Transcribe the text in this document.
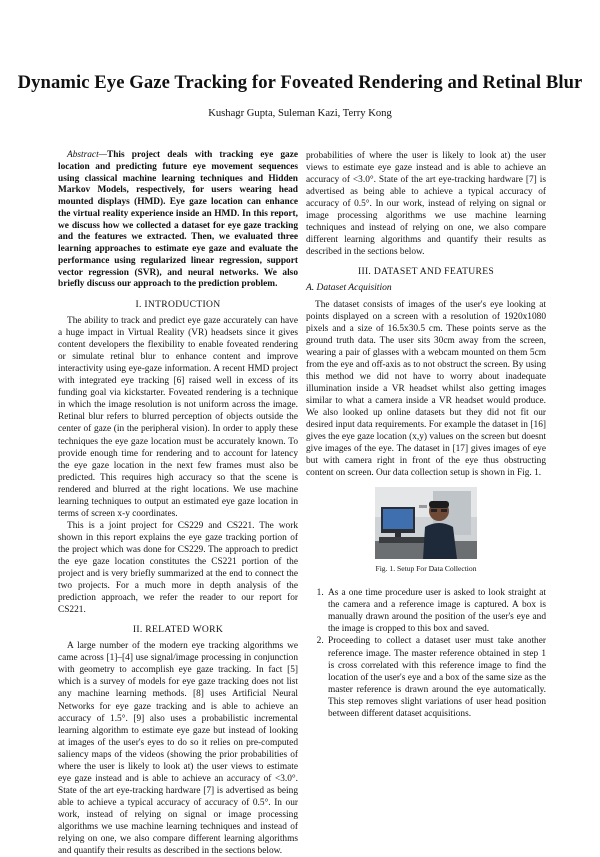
Dynamic Eye Gaze Tracking for Foveated Rendering and Retinal Blur
Kushagr Gupta, Suleman Kazi, Terry Kong

Abstract—This project deals with tracking eye gaze location and predicting future eye movement sequences using classical machine learning techniques and Hidden Markov Models, respectively, for users wearing head mounted displays (HMD). Eye gaze location can enhance the virtual reality experience inside an HMD. In this report, we discuss how we collected a dataset for eye gaze tracking and the features we extracted. Then, we evaluated three learning approaches to estimate eye gaze and evaluate the performance using regularized linear regression, support vector regression (SVR), and neural networks. We also briefly discuss our approach to the prediction problem.

I. INTRODUCTION

The ability to track and predict eye gaze accurately can have a huge impact in Virtual Reality (VR) headsets since it gives content developers the flexibility to enable foveated rendering or simulate retinal blur to enhance content and improve interactivity using eye-gaze information. A recent HMD project with integrated eye tracking [6] raised well in excess of its funding goal via kickstarter. Foveated rendering is a technique in which the image resolution is not uniform across the image. Retinal blur refers to blurred perception of objects outside the center of gaze (in the peripheral vision). In order to apply these techniques the eye gaze location must be accurately known. To provide enough time for rendering and to account for latency the eye gaze location in the next few frames must also be predicted. This requires high accuracy so that the scene is rendered and blurred at the right locations. We use machine learning techniques to output an estimated eye gaze location in terms of screen x-y coordinates.

This is a joint project for CS229 and CS221. The work shown in this report explains the eye gaze tracking portion of the project which was done for CS229. The approach to predict the eye gaze location constitutes the CS221 portion of the project and is very briefly summarized at the end to connect the two projects. For a much more in depth analysis of the prediction approach, we refer the reader to our report for CS221.

II. RELATED WORK

A large number of the modern eye tracking algorithms we came across [1]–[4] use signal/image processing in conjunction with geometry to accomplish eye gaze tracking. In fact [5] which is a survey of models for eye gaze tracking does not list any machine learning methods. [8] uses Artificial Neural Networks for eye gaze tracking and is able to achieve an accuracy of 1.5°. [9] also uses a probabilistic incremental learning algorithm to estimate eye gaze but instead of looking at images of the user's eyes to do so it relies on pre-computed saliency maps of the videos (showing the prior probabilities of where the user is likely to look at) the user views to estimate eye gaze instead and is able to achieve an accuracy of <3.0°. State of the art eye-tracking hardware [7] is advertised as being able to achieve a typical accuracy of accuracy of 0.5°. In our work, instead of relying on signal or image processing algorithms we use machine learning techniques and instead of relying on one, we also compare different learning algorithms and quantify their results as described in the sections below.

probabilities of where the user is likely to look at) the user views to estimate eye gaze instead and is able to achieve an accuracy of <3.0°. State of the art eye-tracking hardware [7] is advertised as being able to achieve a typical accuracy of accuracy of 0.5°. In our work, instead of relying on signal or image processing algorithms we use machine learning techniques and instead of relying on one, we also compare different learning algorithms and quantify their results as described in the sections below.

III. DATASET AND FEATURES
A. Dataset Acquisition

The dataset consists of images of the user's eye looking at points displayed on a screen with a resolution of 1920x1080 pixels and a size of 16.5x30.5 cm. These points serve as the ground truth data. The user sits 30cm away from the screen, wearing a pair of glasses with a webcam mounted on them 5cm from the eye and off-axis as to not obstruct the screen. By using this method we did not have to worry about inadequate illumination inside a VR headset whilst also getting images similar to what a camera inside a VR headset would produce. We also looked up online datasets but they did not fit our desired input data requirements. For example the dataset in [16] gives the eye gaze location (x,y) values on the screen but doesnt give images of the eye. The dataset in [17] gives images of eye but with camera right in front of the eye thus obstructing content on screen. Our data collection setup is shown in Fig. 1.

Fig. 1. Setup For Data Collection
1. As a one time procedure user is asked to look straight at the camera and a reference image is captured. A box is manually drawn around the position of the user's eye and the image is cropped to this box and saved.
2. Proceeding to collect a dataset user must take another reference image. The master reference obtained in step 1 is cross correlated with this reference image to find the location of the user's eye and a box of the same size as the master reference is drawn around the eye automatically. This step removes slight variations of user head position between different dataset acquisitions.
